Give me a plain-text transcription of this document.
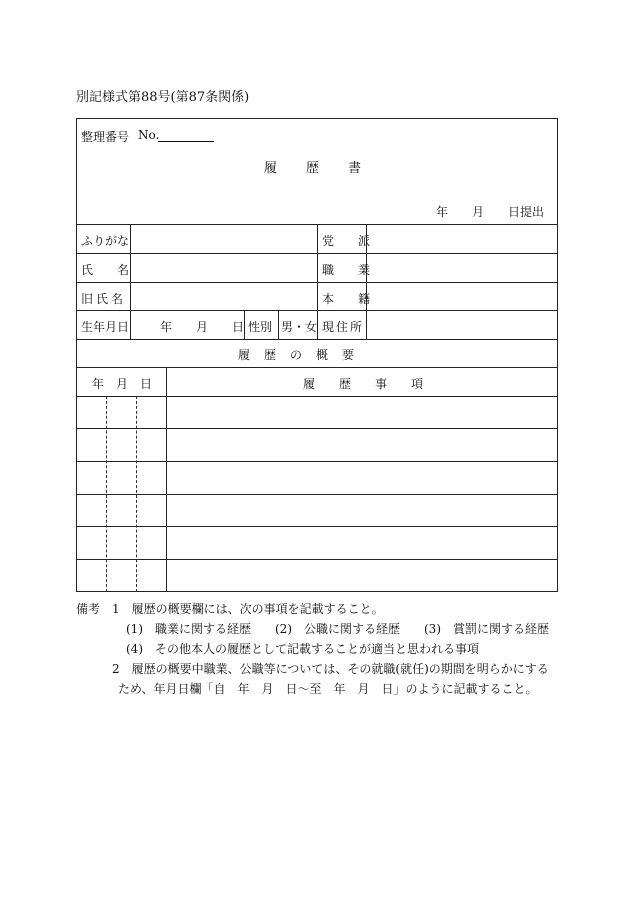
別記様式第88号(第87条関係)
整理番号 No.
履　　歴　　書
年　　月　　日提出
ふりがな	党　　派
氏　　名	職　　業
旧氏名	本　　籍
生年月日	年　　月　　日 性別 男・女 現住所
履　歴　の　概　要
年　月　日	履　　歴　　事　　項
備考 1　履歴の概要欄には、次の事項を記載すること。
(1)　職業に関する経歴　　(2)　公職に関する経歴　　(3)　賞罰に関する経歴
(4)　その他本人の履歴として記載することが適当と思われる事項
2　履歴の概要中職業、公職等については、その就職(就任)の期間を明らかにする
ため、年月日欄「自　年　月　日～至　年　月　日」のように記載すること。
